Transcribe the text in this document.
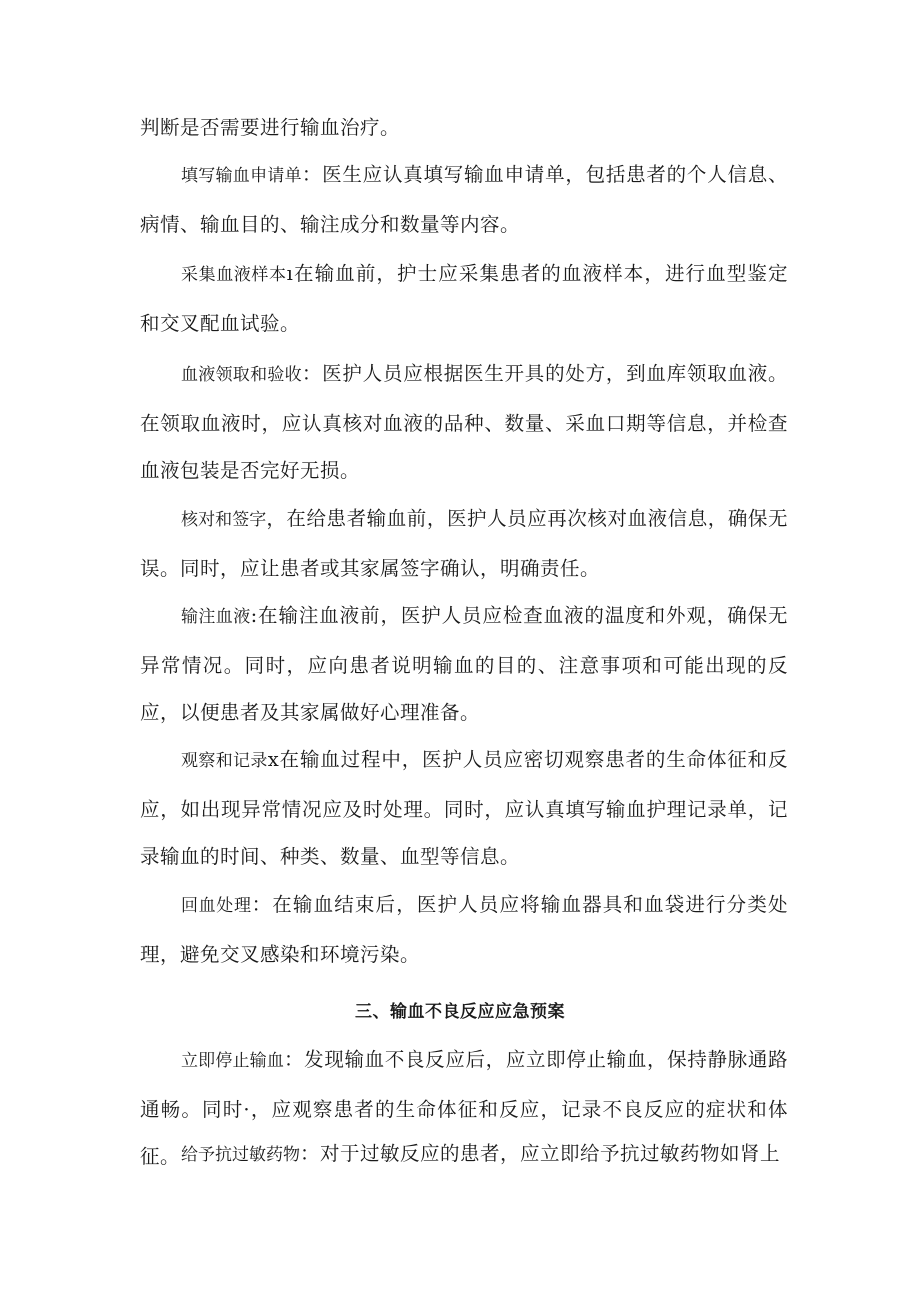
判断是否需要进行输血治疗。

填写输血申请单：医生应认真填写输血申请单，包括患者的个人信息、病情、输血目的、输注成分和数量等内容。

采集血液样本ı在输血前，护士应采集患者的血液样本，进行血型鉴定和交叉配血试验。

血液领取和验收：医护人员应根据医生开具的处方，到血库领取血液。在领取血液时，应认真核对血液的品种、数量、采血口期等信息，并检查血液包装是否完好无损。

核对和签字，在给患者输血前，医护人员应再次核对血液信息，确保无误。同时，应让患者或其家属签字确认，明确责任。

输注血液:在输注血液前，医护人员应检查血液的温度和外观，确保无异常情况。同时，应向患者说明输血的目的、注意事项和可能出现的反应，以便患者及其家属做好心理准备。

观察和记录x在输血过程中，医护人员应密切观察患者的生命体征和反应，如出现异常情况应及时处理。同时，应认真填写输血护理记录单，记录输血的时间、种类、数量、血型等信息。

回血处理：在输血结束后，医护人员应将输血器具和血袋进行分类处理，避免交叉感染和环境污染。

三、输血不良反应应急预案

立即停止输血：发现输血不良反应后，应立即停止输血，保持静脉通路通畅。同时·，应观察患者的生命体征和反应，记录不良反应的症状和体征。 给予抗过敏药物：对于过敏反应的患者，应立即给予抗过敏药物如肾上
